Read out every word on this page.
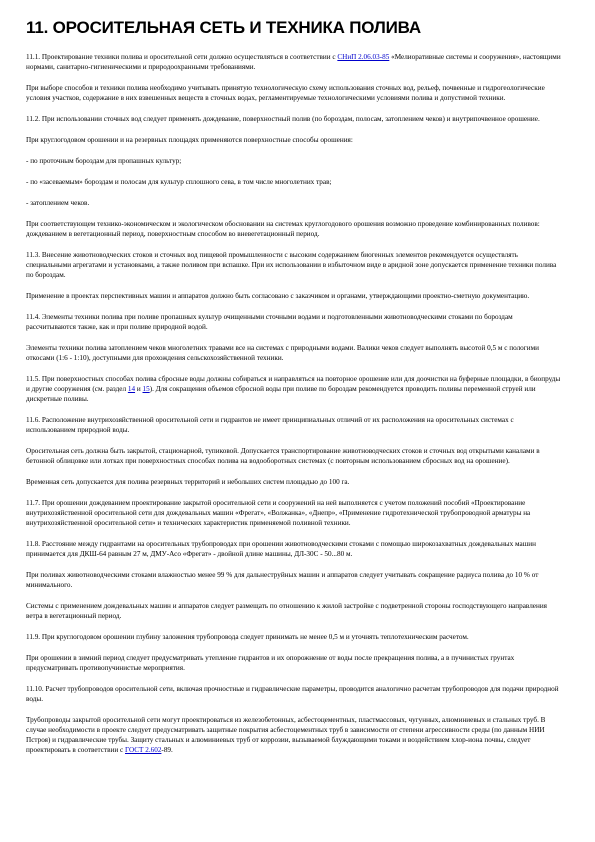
11. ОРОСИТЕЛЬНАЯ СЕТЬ И ТЕХНИКА ПОЛИВА

11.1. Проектирование техники полива и оросительной сети должно осуществляться в соответствии с СНиП 2.06.03-85 «Мелиоративные системы и сооружения», настоящими нормами, санитарно-гигиеническими и природоохранными требованиями.

При выборе способов и техники полива необходимо учитывать принятую технологическую схему использования сточных вод, рельеф, почвенные и гидрогеологические условия участков, содержание в них взвешенных веществ в сточных водах, регламентируемые технологическими условиями полива и допустимой техники.

11.2. При использовании сточных вод следует применять дождевание, поверхностный полив (по бороздам, полосам, затоплением чеков) и внутрипочвенное орошение.

При круглогодовом орошении и на резервных площадях применяются поверхностные способы орошения:

- по проточным бороздам для пропашных культур;

- по «засеваемым» бороздам и полосам для культур сплошного сева, в том числе многолетних трав;

- затоплением чеков.

При соответствующем технико-экономическом и экологическом обосновании на системах круглогодового орошения возможно проведение комбинированных поливов: дождеванием в вегетационный период, поверхностным способом во вневегетационный период.

11.3. Внесение животноводческих стоков и сточных вод пищевой промышленности с высоким содержанием биогенных элементов рекомендуется осуществлять специальными агрегатами и установками, а также поливом при вспашке. При их использовании в избыточном виде в аридной зоне допускается применение техники полива по бороздам.

Применение в проектах перспективных машин и аппаратов должно быть согласовано с заказчиком и органами, утверждающими проектно-сметную документацию.

11.4. Элементы техники полива при поливе пропашных культур очищенными сточными водами и подготовленными животноводческими стоками по бороздам рассчитываются также, как и при поливе природной водой.

Элементы техники полива затоплением чеков многолетних травами все на системах с природными водами. Валики чеков следует выполнять высотой 0,5 м с пологими откосами (1:6 - 1:10), доступными для прохождения сельскохозяйственной техники.

11.5. При поверхностных способах полива сбросные воды должны собираться и направляться на повторное орошение или для доочистки на буферные площадки, в биопруды и другие сооружения (см. раздел 14 и 15). Для сокращения объемов сбросной воды при поливе по бороздам рекомендуется проводить поливы переменной струей или дискретные поливы.

11.6. Расположение внутрихозяйственной оросительной сети и гидрантов не имеет принципиальных отличий от их расположения на оросительных системах с использованием природной воды.

Оросительная сеть должна быть закрытой, стационарной, тупиковой. Допускается транспортирование животноводческих стоков и сточных вод открытыми каналами в бетонной облицовке или лотках при поверхностных способах полива на водооборотных системах (с повторным использованием сбросных вод на орошение).

Временная сеть допускается для полива резервных территорий и небольших систем площадью до 100 га.

11.7. При орошении дождеванием проектирование закрытой оросительной сети и сооружений на ней выполняется с учетом положений пособий «Проектирование внутрихозяйственной оросительной сети для дождевальных машин «Фрегат», «Волжанка», «Днепр», «Применение гидротехнической трубопроводной арматуры на внутрихозяйственной оросительной сети» и технических характеристик применяемой поливной техники.

11.8. Расстояние между гидрантами на оросительных трубопроводах при орошении животноводческими стоками с помощью широкозахватных дождевальных машин принимается для ДКШ-64 равным 27 м, ДМУ-Асо «Фрегат» - двойной длине машины, ДЛ-30С - 50...80 м.

При поливах животноводческими стоками влажностью менее 99 % для дальнеструйных машин и аппаратов следует учитывать сокращение радиуса полива до 10 % от минимального.

Системы с применением дождевальных машин и аппаратов следует размещать по отношению к жилой застройке с подветренной стороны господствующего направления ветра в вегетационный период.

11.9. При круглогодовом орошении глубину заложения трубопровода следует принимать не менее 0,5 м и уточнять теплотехническим расчетом.

При орошении в зимний период следует предусматривать утепление гидрантов и их опорожнение от воды после прекращения полива, а в пучинистых грунтах предусматривать противопучинистые мероприятия.

11.10. Расчет трубопроводов оросительной сети, включая прочностные и гидравлические параметры, проводится аналогично расчетам трубопроводов для подачи природной воды.

Трубопроводы закрытой оросительной сети могут проектироваться из железобетонных, асбестоцементных, пластмассовых, чугунных, алюминиевых и стальных труб. В случае необходимости в проекте следует предусматривать защитные покрытия асбестоцементных труб в зависимости от степени агрессивности среды (по данным НИИ Пстроя) и гидравлические трубы. Защиту стальных и алюминиевых труб от коррозии, вызываемой блуждающими токами и воздействием хлор-иона почвы, следует проектировать в соответствии с ГОСТ 2.602-89.
